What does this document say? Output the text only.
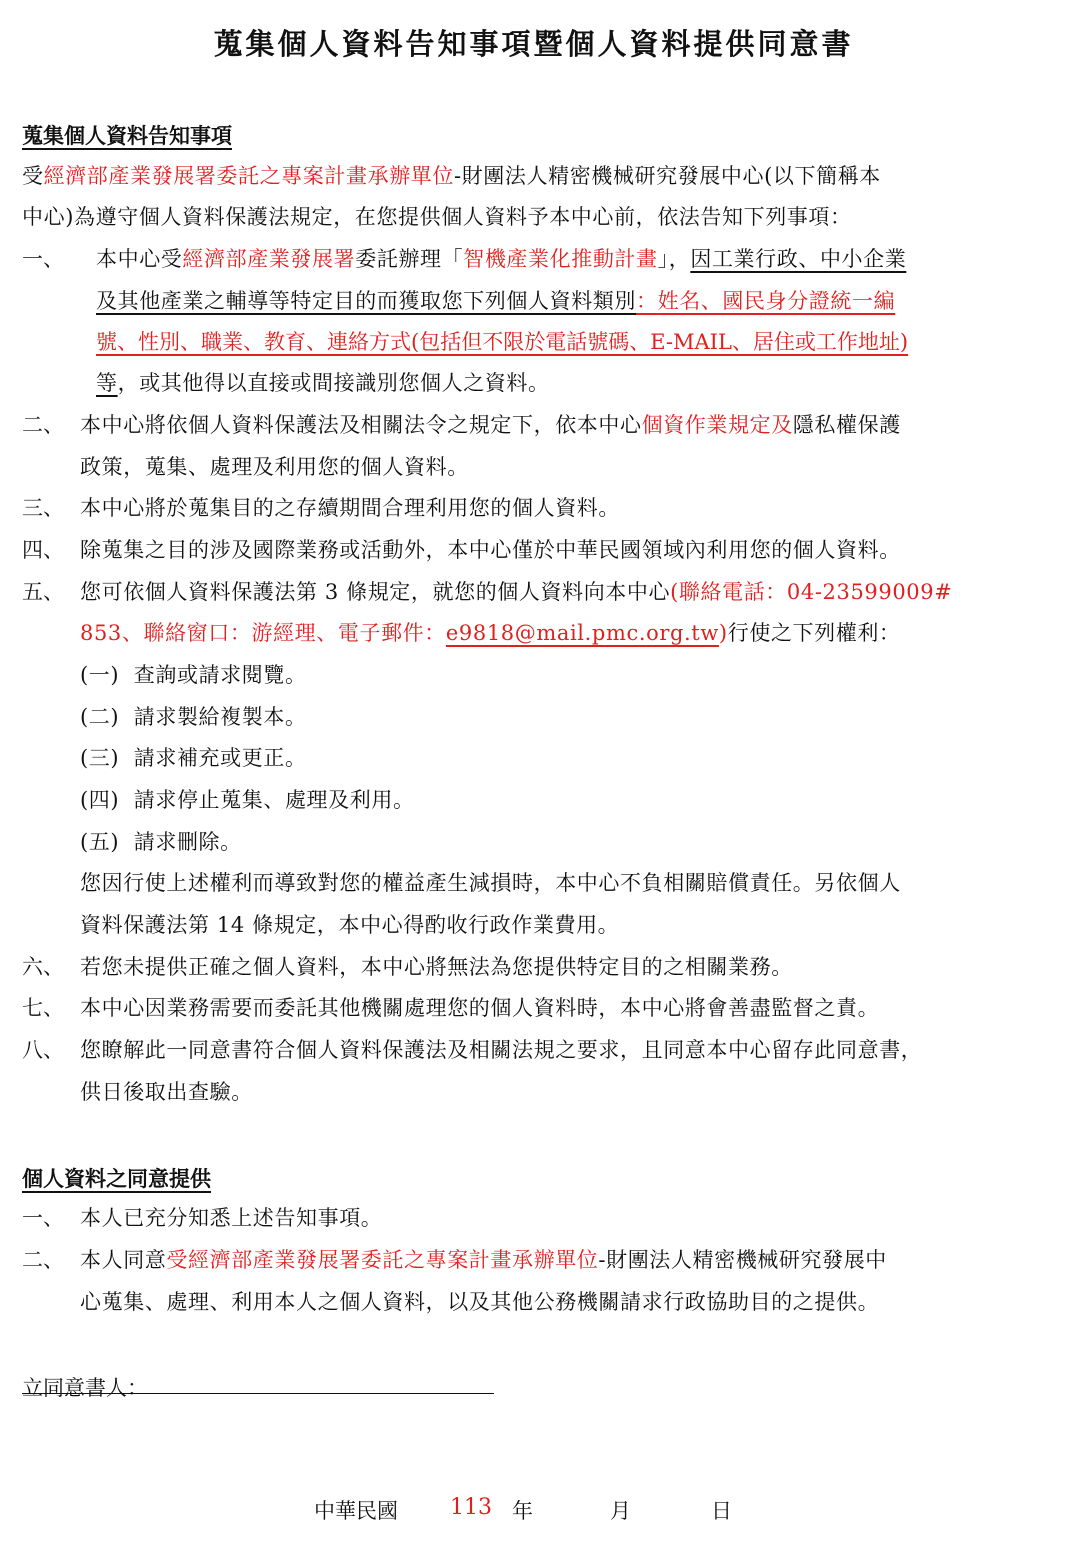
蒐集個人資料告知事項暨個人資料提供同意書
蒐集個人資料告知事項
受經濟部產業發展署委託之專案計畫承辦單位-財團法人精密機械研究發展中心(以下簡稱本
中心)為遵守個人資料保護法規定，在您提供個人資料予本中心前，依法告知下列事項：
一、 本中心受經濟部產業發展署委託辦理「智機產業化推動計畫」，因工業行政、中小企業
及其他產業之輔導等特定目的而獲取您下列個人資料類別：姓名、國民身分證統一編
號、性別、職業、教育、連絡方式(包括但不限於電話號碼、E-MAIL、居住或工作地址)
等，或其他得以直接或間接識別您個人之資料。
二、 本中心將依個人資料保護法及相關法令之規定下，依本中心個資作業規定及隱私權保護
政策，蒐集、處理及利用您的個人資料。
三、 本中心將於蒐集目的之存續期間合理利用您的個人資料。
四、 除蒐集之目的涉及國際業務或活動外，本中心僅於中華民國領域內利用您的個人資料。
五、 您可依個人資料保護法第 3 條規定，就您的個人資料向本中心(聯絡電話：04-23599009#
853、聯絡窗口：游經理、電子郵件：e9818@mail.pmc.org.tw)行使之下列權利：
(一) 查詢或請求閱覽。
(二) 請求製給複製本。
(三) 請求補充或更正。
(四) 請求停止蒐集、處理及利用。
(五) 請求刪除。
您因行使上述權利而導致對您的權益產生減損時，本中心不負相關賠償責任。另依個人
資料保護法第 14 條規定，本中心得酌收行政作業費用。
六、 若您未提供正確之個人資料，本中心將無法為您提供特定目的之相關業務。
七、 本中心因業務需要而委託其他機關處理您的個人資料時，本中心將會善盡監督之責。
八、 您瞭解此一同意書符合個人資料保護法及相關法規之要求，且同意本中心留存此同意書，
供日後取出查驗。
個人資料之同意提供
一、 本人已充分知悉上述告知事項。
二、 本人同意受經濟部產業發展署委託之專案計畫承辦單位-財團法人精密機械研究發展中
心蒐集、處理、利用本人之個人資料，以及其他公務機關請求行政協助目的之提供。
立同意書人：
中華民國 113 年	月	日
